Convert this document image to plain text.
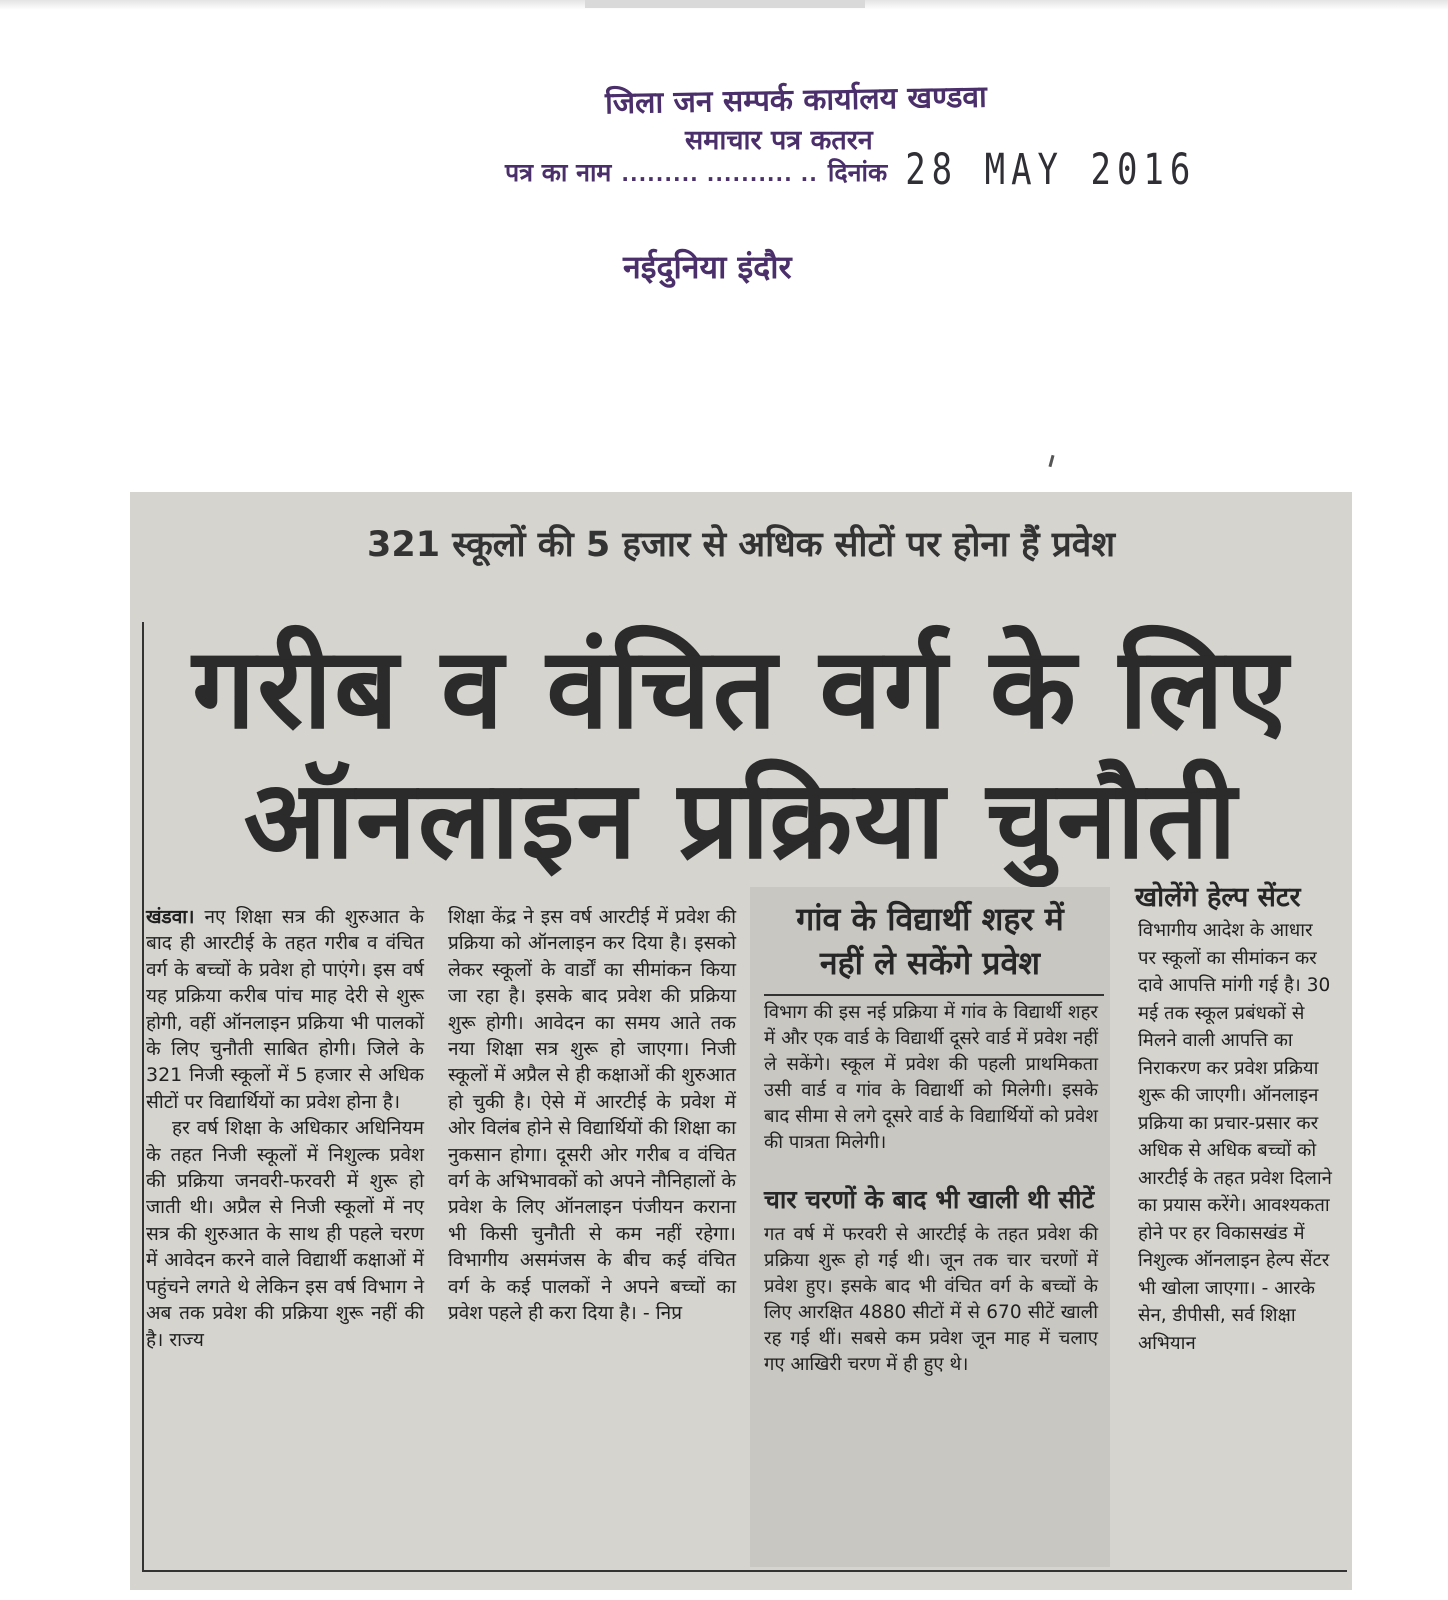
जिला जन सम्पर्क कार्यालय खण्डवा
समाचार पत्र कतरन
पत्र का नाम ......... .......... .. दिनांक 28 MAY 2016
नईदुनिया इंदौर
321 स्कूलों की 5 हजार से अधिक सीटों पर होना हैं प्रवेश
गरीब व वंचित वर्ग के लिए
ऑनलाइन प्रक्रिया चुनौती

खंडवा। नए शिक्षा सत्र की शुरुआत के बाद ही आरटीई के तहत गरीब व वंचित वर्ग के बच्चों के प्रवेश हो पाएंगे। इस वर्ष यह प्रक्रिया करीब पांच माह देरी से शुरू होगी, वहीं ऑनलाइन प्रक्रिया भी पालकों के लिए चुनौती साबित होगी। जिले के 321 निजी स्कूलों में 5 हजार से अधिक सीटों पर विद्यार्थियों का प्रवेश होना है।

हर वर्ष शिक्षा के अधिकार अधिनियम के तहत निजी स्कूलों में निशुल्क प्रवेश की प्रक्रिया जनवरी-फरवरी में शुरू हो जाती थी। अप्रैल से निजी स्कूलों में नए सत्र की शुरुआत के साथ ही पहले चरण में आवेदन करने वाले विद्यार्थी कक्षाओं में पहुंचने लगते थे लेकिन इस वर्ष विभाग ने अब तक प्रवेश की प्रक्रिया शुरू नहीं की है। राज्य

शिक्षा केंद्र ने इस वर्ष आरटीई में प्रवेश की प्रक्रिया को ऑनलाइन कर दिया है। इसको लेकर स्कूलों के वार्डों का सीमांकन किया जा रहा है। इसके बाद प्रवेश की प्रक्रिया शुरू होगी। आवेदन का समय आते तक नया शिक्षा सत्र शुरू हो जाएगा। निजी स्कूलों में अप्रैल से ही कक्षाओं की शुरुआत हो चुकी है। ऐसे में आरटीई के प्रवेश में ओर विलंब होने से विद्यार्थियों की शिक्षा का नुकसान होगा। दूसरी ओर गरीब व वंचित वर्ग के अभिभावकों को अपने नौनिहालों के प्रवेश के लिए ऑनलाइन पंजीयन कराना भी किसी चुनौती से कम नहीं रहेगा। विभागीय असमंजस के बीच कई वंचित वर्ग के कई पालकों ने अपने बच्चों का प्रवेश पहले ही करा दिया है। - निप्र

गांव के विद्यार्थी शहर में
नहीं ले सकेंगे प्रवेश
विभाग की इस नई प्रक्रिया में गांव के विद्यार्थी शहर में और एक वार्ड के विद्यार्थी दूसरे वार्ड में प्रवेश नहीं ले सकेंगे। स्कूल में प्रवेश की पहली प्राथमिकता उसी वार्ड व गांव के विद्यार्थी को मिलेगी। इसके बाद सीमा से लगे दूसरे वार्ड के विद्यार्थियों को प्रवेश की पात्रता मिलेगी।
चार चरणों के बाद भी खाली थी सीटें
गत वर्ष में फरवरी से आरटीई के तहत प्रवेश की प्रक्रिया शुरू हो गई थी। जून तक चार चरणों में प्रवेश हुए। इसके बाद भी वंचित वर्ग के बच्चों के लिए आरक्षित 4880 सीटों में से 670 सीटें खाली रह गई थीं। सबसे कम प्रवेश जून माह में चलाए गए आखिरी चरण में ही हुए थे।
खोलेंगे हेल्प सेंटर
विभागीय आदेश के आधार पर स्कूलों का सीमांकन कर दावे आपत्ति मांगी गई है। 30 मई तक स्कूल प्रबंधकों से मिलने वाली आपत्ति का निराकरण कर प्रवेश प्रक्रिया शुरू की जाएगी। ऑनलाइन प्रक्रिया का प्रचार-प्रसार कर अधिक से अधिक बच्चों को आरटीई के तहत प्रवेश दिलाने का प्रयास करेंगे। आवश्यकता होने पर हर विकासखंड में निशुल्क ऑनलाइन हेल्प सेंटर भी खोला जाएगा। - आरके सेन, डीपीसी, सर्व शिक्षा अभियान
